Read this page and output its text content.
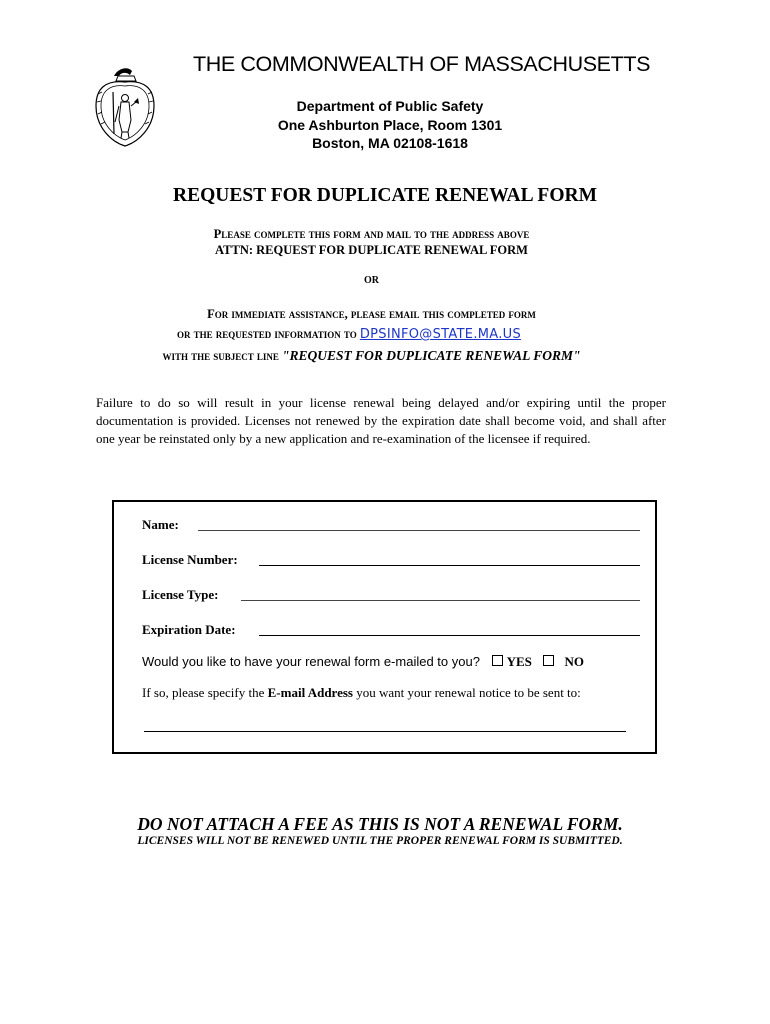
THE COMMONWEALTH OF MASSACHUSETTS
Department of Public Safety
One Ashburton Place, Room 1301
Boston, MA 02108-1618
REQUEST FOR DUPLICATE RENEWAL FORM
Please complete this form and mail to the address above
ATTN: REQUEST FOR DUPLICATE RENEWAL FORM
OR
For immediate assistance, please email this completed form
or the requested information to DPSINFO@STATE.MA.US
with the subject line "REQUEST FOR DUPLICATE RENEWAL FORM"
Failure to do so will result in your license renewal being delayed and/or expiring until the proper documentation is provided. Licenses not renewed by the expiration date shall become void, and shall after one year be reinstated only by a new application and re-examination of the licensee if required.
Name:
License Number:
License Type:
Expiration Date:
Would you like to have your renewal form e-mailed to you? YES	NO
If so, please specify the E-mail Address you want your renewal notice to be sent to:
DO NOT ATTACH A FEE AS THIS IS NOT A RENEWAL FORM.
LICENSES WILL NOT BE RENEWED UNTIL THE PROPER RENEWAL FORM IS SUBMITTED.
